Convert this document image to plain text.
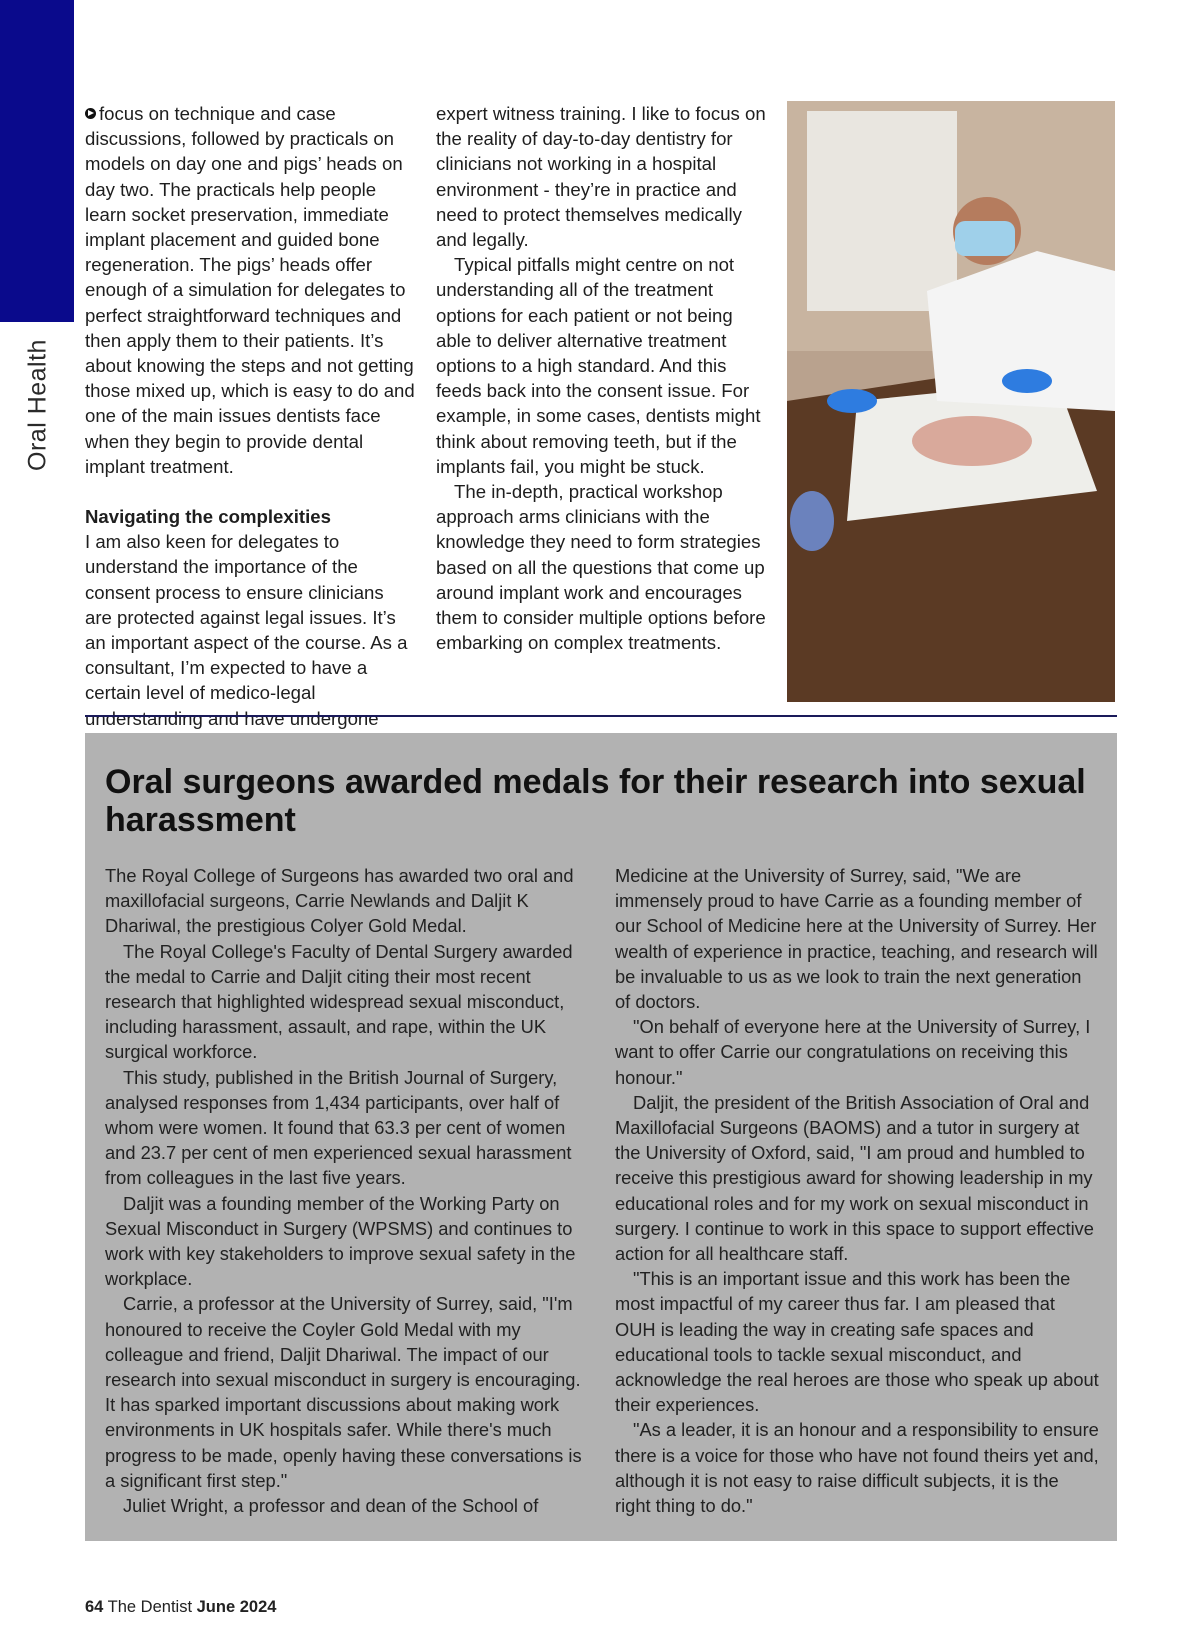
Oral Health

focus on technique and case discussions, followed by practicals on models on day one and pigs’ heads on day two. The practicals help people learn socket preservation, immediate implant placement and guided bone regeneration. The pigs’ heads offer enough of a simulation for delegates to perfect straightforward techniques and then apply them to their patients. It’s about knowing the steps and not getting those mixed up, which is easy to do and one of the main issues dentists face when they begin to provide dental implant treatment.

Navigating the complexities

I am also keen for delegates to understand the importance of the consent process to ensure clinicians are protected against legal issues. It’s an important aspect of the course. As a consultant, I’m expected to have a certain level of medico-legal understanding and have undergone

expert witness training. I like to focus on the reality of day-to-day dentistry for clinicians not working in a hospital environment - they’re in practice and need to protect themselves medically and legally.

Typical pitfalls might centre on not understanding all of the treatment options for each patient or not being able to deliver alternative treatment options to a high standard. And this feeds back into the consent issue. For example, in some cases, dentists might think about removing teeth, but if the implants fail, you might be stuck.

The in-depth, practical workshop approach arms clinicians with the knowledge they need to form strategies based on all the questions that come up around implant work and encourages them to consider multiple options before embarking on complex treatments.

Oral surgeons awarded medals for their research into sexual harassment

The Royal College of Surgeons has awarded two oral and maxillofacial surgeons, Carrie Newlands and Daljit K Dhariwal, the prestigious Colyer Gold Medal.

The Royal College's Faculty of Dental Surgery awarded the medal to Carrie and Daljit citing their most recent research that highlighted widespread sexual misconduct, including harassment, assault, and rape, within the UK surgical workforce.

This study, published in the British Journal of Surgery, analysed responses from 1,434 participants, over half of whom were women. It found that 63.3 per cent of women and 23.7 per cent of men experienced sexual harassment from colleagues in the last five years.

Daljit was a founding member of the Working Party on Sexual Misconduct in Surgery (WPSMS) and continues to work with key stakeholders to improve sexual safety in the workplace.

Carrie, a professor at the University of Surrey, said, "I'm honoured to receive the Coyler Gold Medal with my colleague and friend, Daljit Dhariwal. The impact of our research into sexual misconduct in surgery is encouraging. It has sparked important discussions about making work environments in UK hospitals safer. While there's much progress to be made, openly having these conversations is a significant first step."

Juliet Wright, a professor and dean of the School of

Medicine at the University of Surrey, said, "We are immensely proud to have Carrie as a founding member of our School of Medicine here at the University of Surrey. Her wealth of experience in practice, teaching, and research will be invaluable to us as we look to train the next generation of doctors.

"On behalf of everyone here at the University of Surrey, I want to offer Carrie our congratulations on receiving this honour."

Daljit, the president of the British Association of Oral and Maxillofacial Surgeons (BAOMS) and a tutor in surgery at the University of Oxford, said, "I am proud and humbled to receive this prestigious award for showing leadership in my educational roles and for my work on sexual misconduct in surgery. I continue to work in this space to support effective action for all healthcare staff.

"This is an important issue and this work has been the most impactful of my career thus far. I am pleased that OUH is leading the way in creating safe spaces and educational tools to tackle sexual misconduct, and acknowledge the real heroes are those who speak up about their experiences.

"As a leader, it is an honour and a responsibility to ensure there is a voice for those who have not found theirs yet and, although it is not easy to raise difficult subjects, it is the right thing to do."

64 The Dentist June 2024
